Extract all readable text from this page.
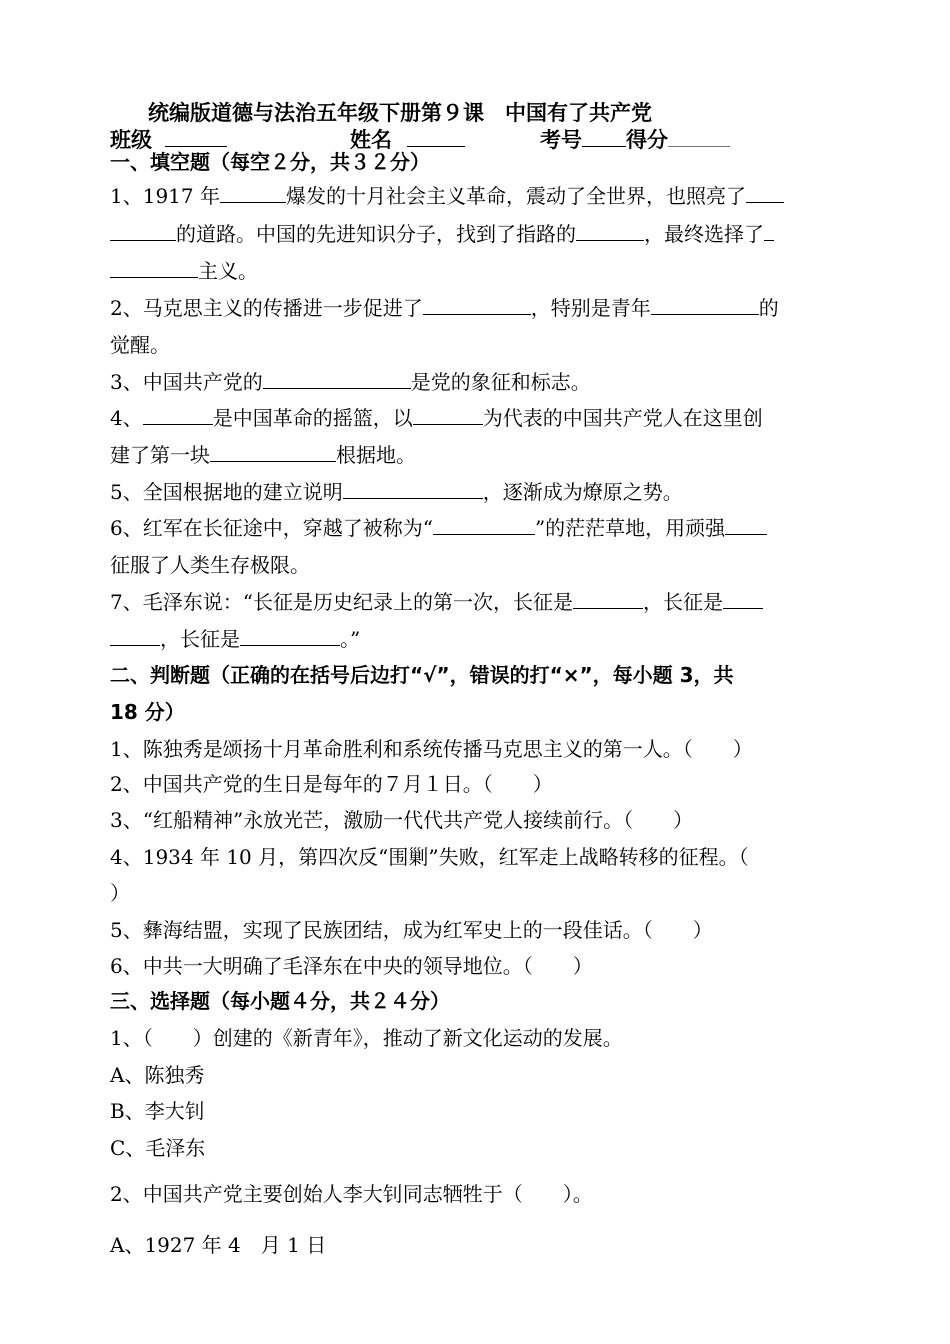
统编版道德与法治五年级下册第９课　中国有了共产党
班级	姓名	考号 得分
一、填空题（每空２分，共３２分）
1、1917 年	爆发的十月社会主义革命，震动了全世界，也照亮了
的道路。中国的先进知识分子，找到了指路的	，最终选择了
主义。
2、马克思主义的传播进一步促进了	，特别是青年	的
觉醒。
3、中国共产党的	是党的象征和标志。
4、	是中国革命的摇篮，以	为代表的中国共产党人在这里创
建了第一块	根据地。
5、全国根据地的建立说明	，逐渐成为燎原之势。
6、红军在长征途中，穿越了被称为“	”的茫茫草地，用顽强
征服了人类生存极限。
7、毛泽东说：“长征是历史纪录上的第一次，长征是	，长征是
，长征是	。”
二、判断题（正确的在括号后边打“√”，错误的打“×”，每小题 3，共
18 分）
1、陈独秀是颂扬十月革命胜利和系统传播马克思主义的第一人。（　　）
2、中国共产党的生日是每年的７月１日。（　　）
3、“红船精神”永放光芒，激励一代代共产党人接续前行。（　　）
4、1934 年 10 月，第四次反“围剿”失败，红军走上战略转移的征程。（
）
5、彝海结盟，实现了民族团结，成为红军史上的一段佳话。（　　）
6、中共一大明确了毛泽东在中央的领导地位。（　　）
三、选择题（每小题４分，共２４分）
1、（　　）创建的《新青年》，推动了新文化运动的发展。
A、陈独秀
B、李大钊
C、毛泽东
2、中国共产党主要创始人李大钊同志牺牲于（　　）。
A、1927 年 4　月 1 日
